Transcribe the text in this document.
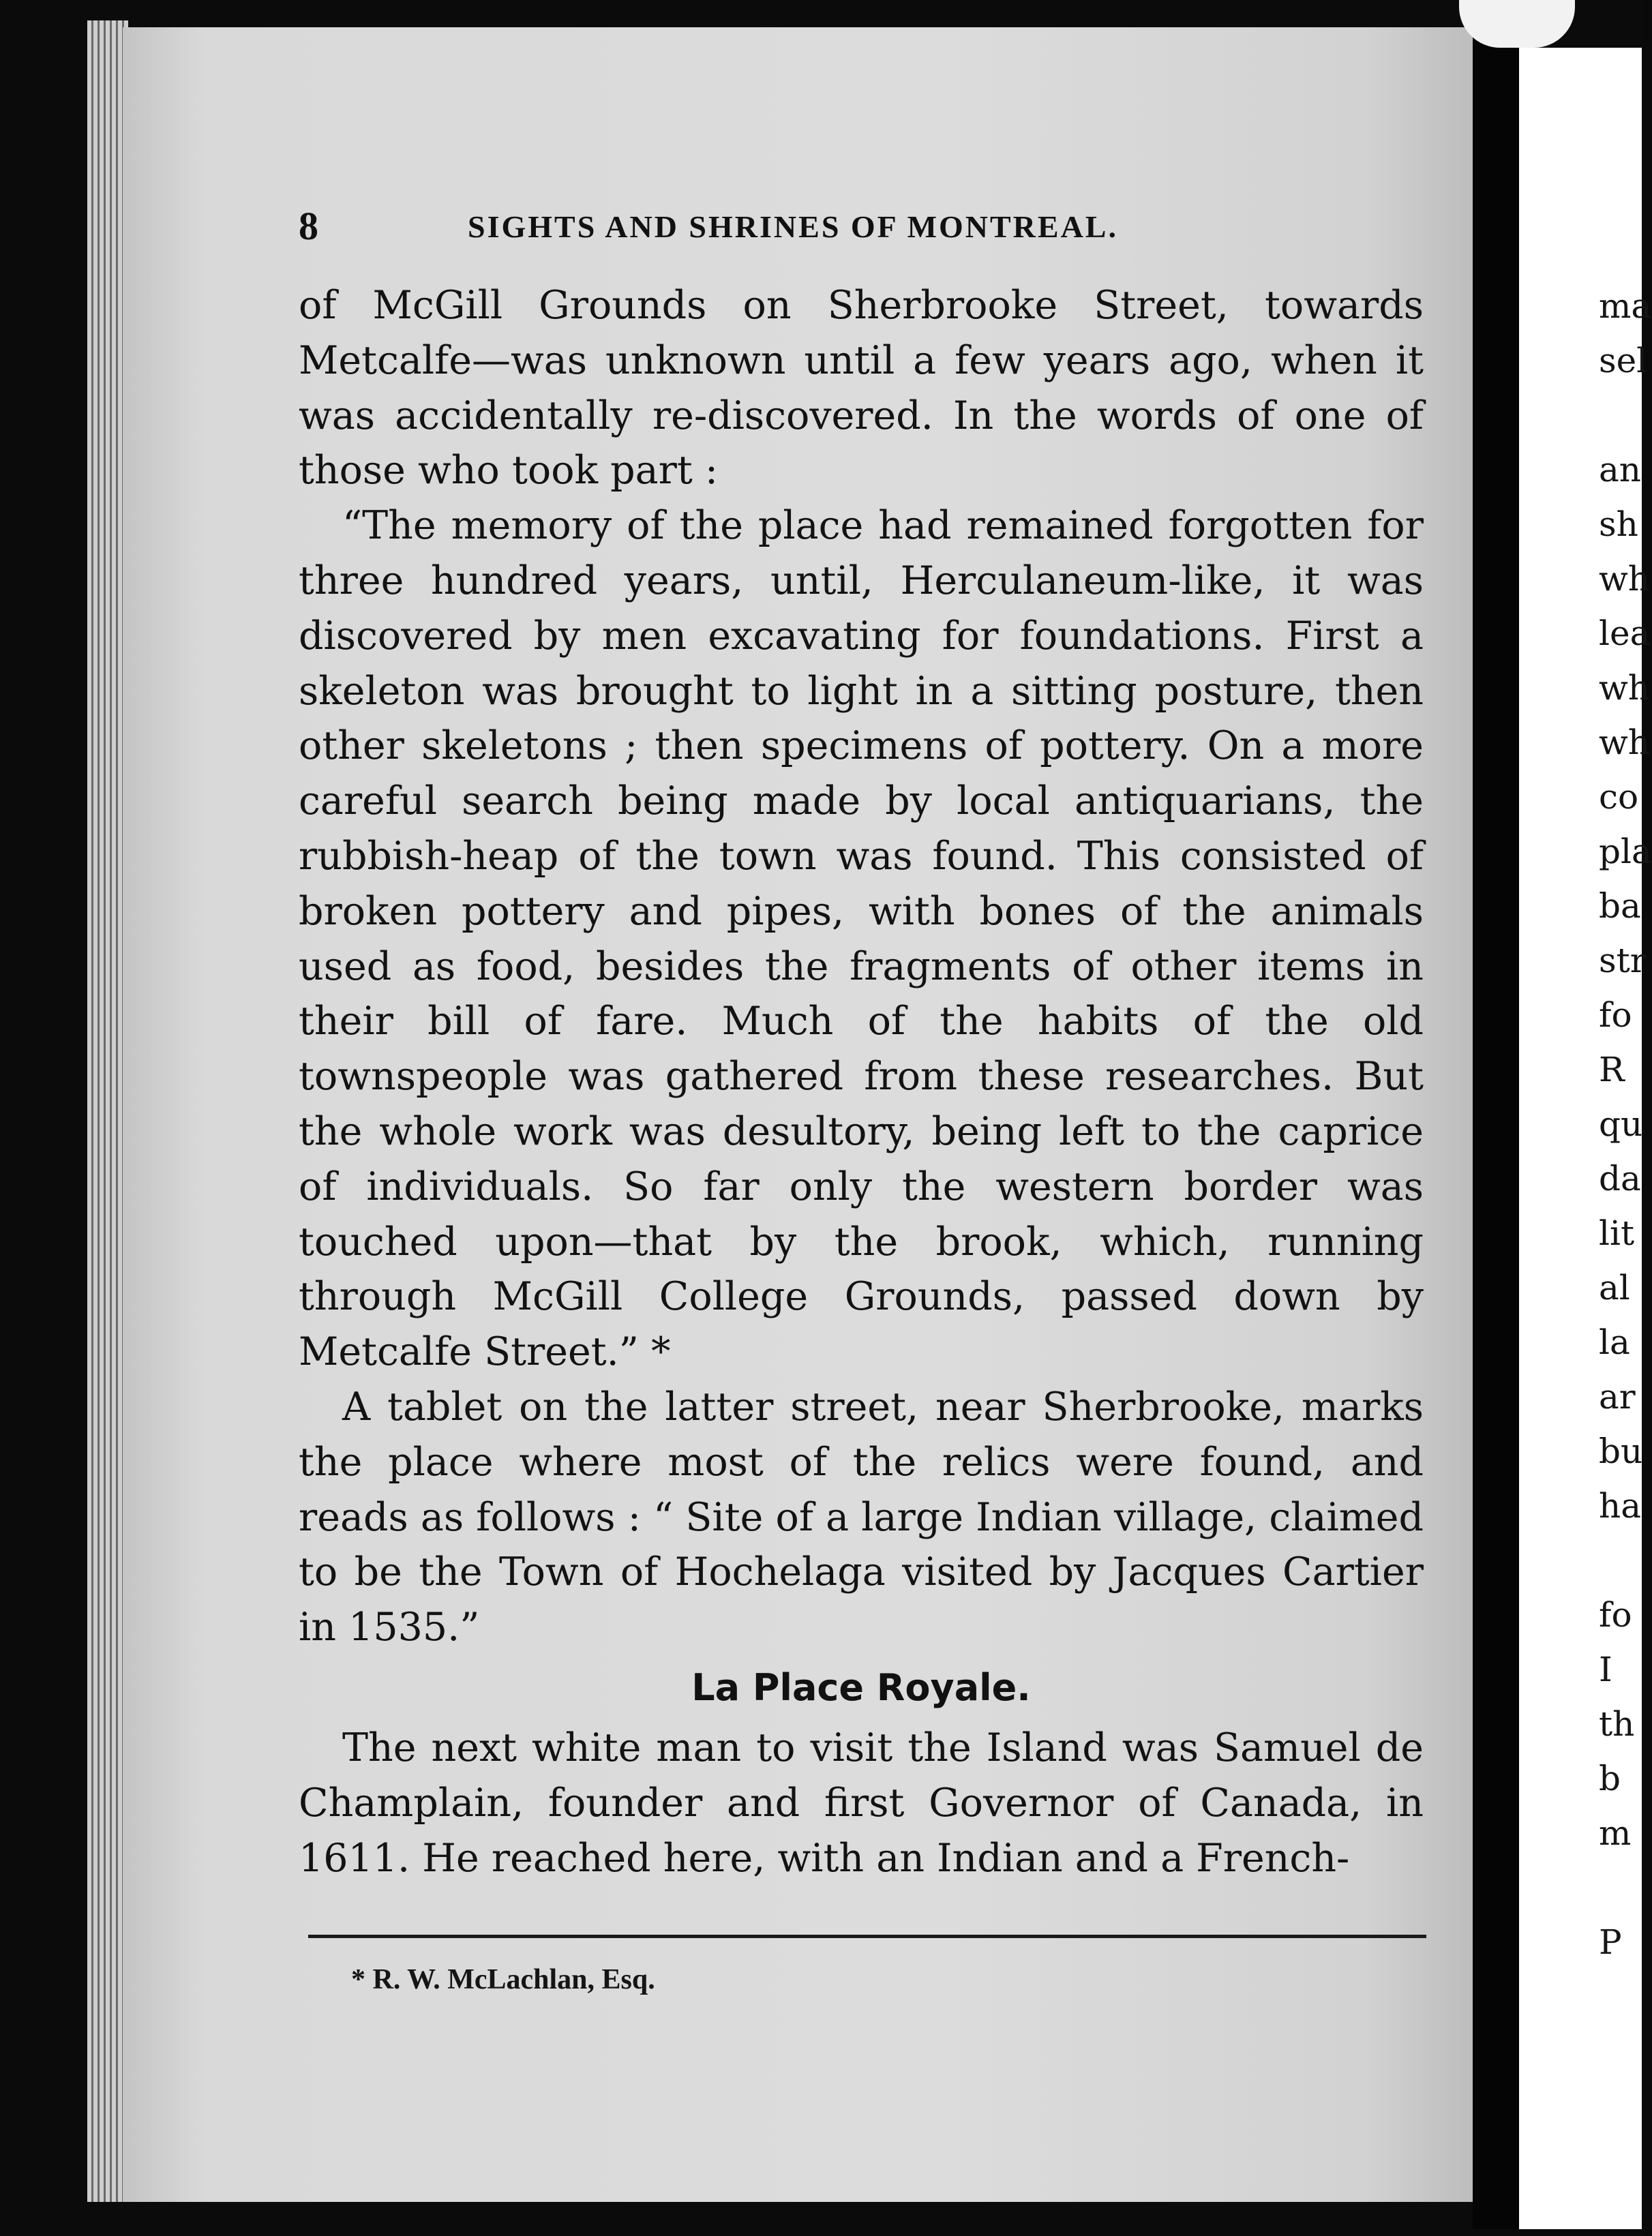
8	SIGHTS AND SHRINES OF MONTREAL.

of McGill Grounds on Sherbrooke Street, towards Metcalfe—was unknown until a few years ago, when it was accidentally re-discovered. In the words of one of those who took part :

“The memory of the place had remained forgotten for three hundred years, until, Herculaneum-like, it was discovered by men excavating for foundations. First a skeleton was brought to light in a sitting posture, then other skeletons ; then specimens of pottery. On a more careful search being made by local antiquarians, the rubbish-heap of the town was found. This consisted of broken pottery and pipes, with bones of the animals used as food, besides the fragments of other items in their bill of fare. Much of the habits of the old townspeople was gathered from these researches. But the whole work was desultory, being left to the caprice of individuals. So far only the western border was touched upon—that by the brook, which, running through McGill College Grounds, passed down by Metcalfe Street.” *

A tablet on the latter street, near Sherbrooke, marks the place where most of the relics were found, and reads as follows : “ Site of a large Indian village, claimed to be the Town of Hochelaga visited by Jacques Cartier in 1535.”

La Place Royale.

The next white man to visit the Island was Samuel de Champlain, founder and first Governor of Canada, in 1611. He reached here, with an Indian and a French-

* R. W. McLachlan, Esq.
ma
sel
an
sh
wh
lea
wh
wh
co
pla
ba
str
fo
R
qu
da
lit
al
la
ar
bu
ha
fo
I
th
b
m
P
